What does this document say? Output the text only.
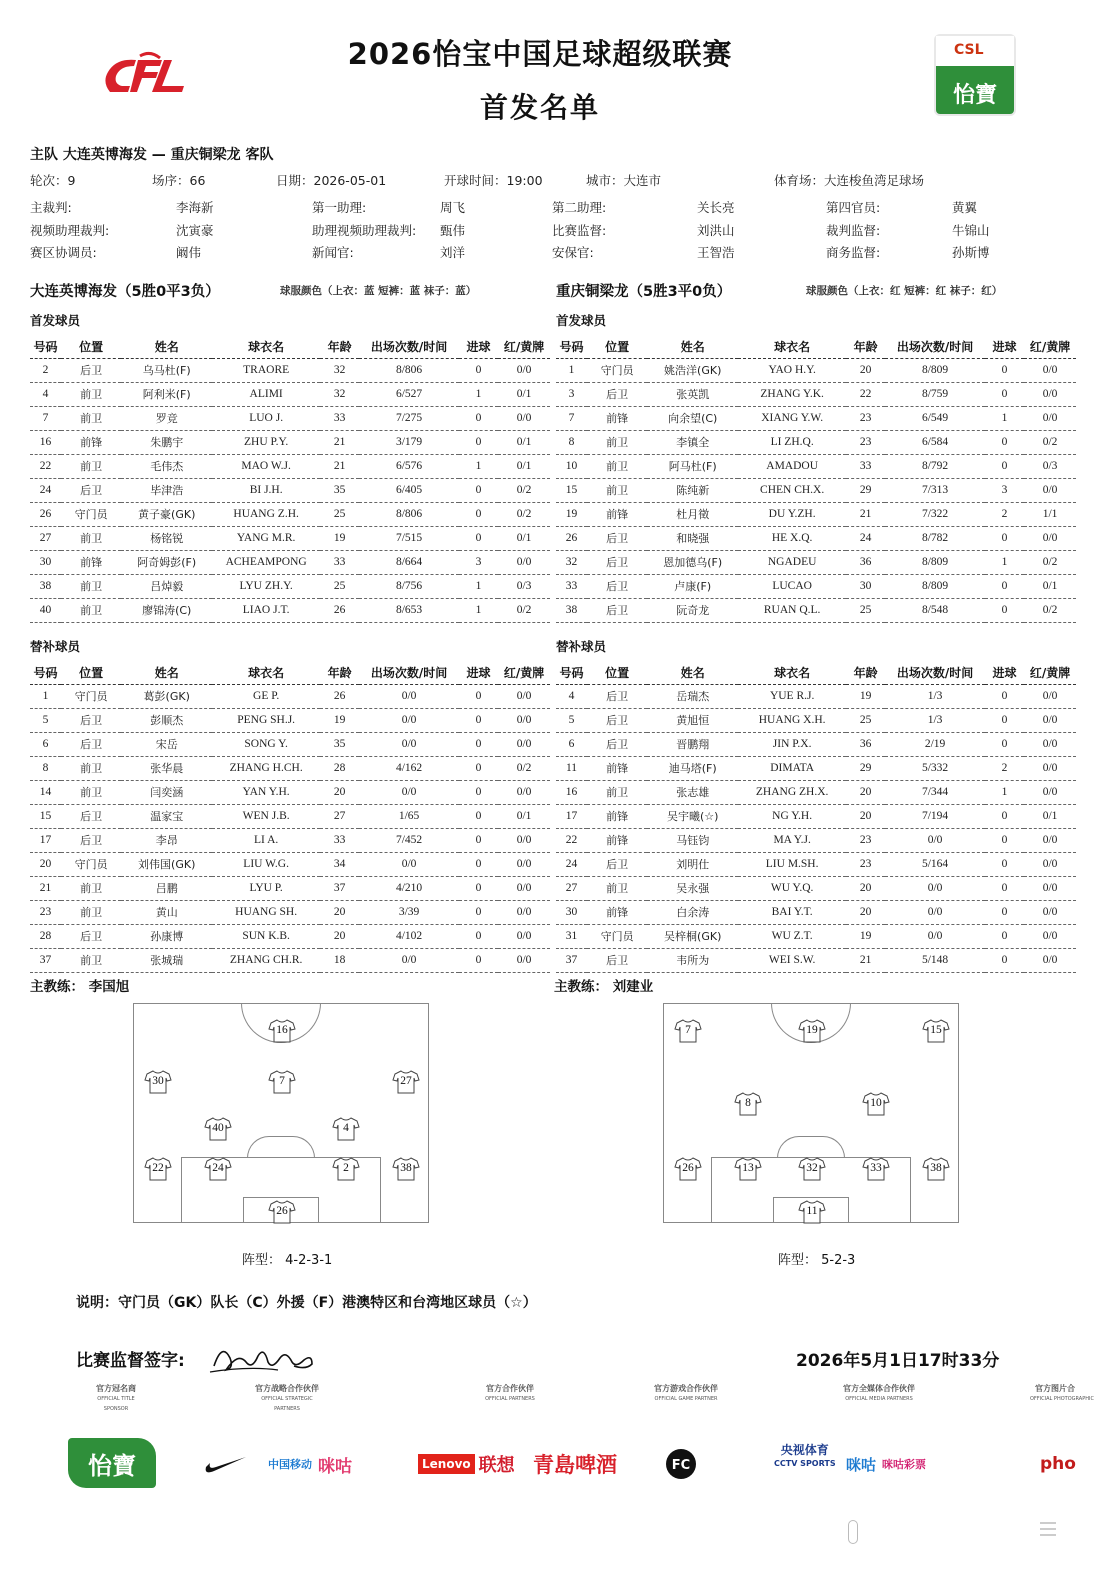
2026怡宝中国足球超级联赛
首发名单
CSL
怡寶
主队 大连英博海发 — 重庆铜梁龙 客队
轮次：9	场序：66	日期：2026-05-01	开球时间：19:00	城市：大连市	体育场：大连梭鱼湾足球场
主裁判:	李海新	第一助理:	周飞	第二助理:	关长亮	第四官员:	黄翼
视频助理裁判:	沈寅豪	助理视频助理裁判: 甄伟	比赛监督:	刘洪山	裁判监督:	牛锦山
赛区协调员:	阚伟	新闻官:	刘洋	安保官:	王智浩	商务监督:	孙斯博
大连英博海发（5胜0平3负）	球服颜色（上衣：蓝 短裤：蓝 袜子：蓝）
首发球员
号码	位置	姓名	球衣名	年龄	出场次数/时间	进球	红/黄牌
2	后卫	乌马杜(F)	TRAORE	32	8/806	0	0/0
4	前卫	阿利米(F)	ALIMI	32	6/527	1	0/1
7	前卫	罗竞	LUO J.	33	7/275	0	0/0
16	前锋	朱鹏宇	ZHU P.Y.	21	3/179	0	0/1
22	前卫	毛伟杰	MAO W.J.	21	6/576	1	0/1
24	后卫	毕津浩	BI J.H.	35	6/405	0	0/2
26	守门员	黄子豪(GK)	HUANG Z.H.	25	8/806	0	0/2
27	前卫	杨铭锐	YANG M.R.	19	7/515	0	0/1
30	前锋	阿奇姆彭(F)	ACHEAMPONG	33	8/664	3	0/0
38	前卫	吕焯毅	LYU ZH.Y.	25	8/756	1	0/3
40	前卫	廖锦涛(C)	LIAO J.T.	26	8/653	1	0/2
替补球员
号码	位置	姓名	球衣名	年龄	出场次数/时间	进球	红/黄牌
1	守门员	葛彭(GK)	GE P.	26	0/0	0	0/0
5	后卫	彭顺杰	PENG SH.J.	19	0/0	0	0/0
6	后卫	宋岳	SONG Y.	35	0/0	0	0/0
8	前卫	张华晨	ZHANG H.CH.	28	4/162	0	0/2
14	前卫	闫奕涵	YAN Y.H.	20	0/0	0	0/0
15	后卫	温家宝	WEN J.B.	27	1/65	0	0/1
17	后卫	李昂	LI A.	33	7/452	0	0/0
20	守门员	刘伟国(GK)	LIU W.G.	34	0/0	0	0/0
21	前卫	吕鹏	LYU P.	37	4/210	0	0/0
23	前卫	黄山	HUANG SH.	20	3/39	0	0/0
28	后卫	孙康博	SUN K.B.	20	4/102	0	0/0
37	前卫	张城瑞	ZHANG CH.R.	18	0/0	0	0/0
重庆铜梁龙（5胜3平0负）	球服颜色（上衣：红 短裤：红 袜子：红）
首发球员
号码	位置	姓名	球衣名	年龄	出场次数/时间	进球	红/黄牌
1	守门员	姚浩洋(GK)	YAO H.Y.	20	8/809	0	0/0
3	后卫	张英凯	ZHANG Y.K.	22	8/759	0	0/0
7	前锋	向余望(C)	XIANG Y.W.	23	6/549	1	0/0
8	前卫	李镇全	LI ZH.Q.	23	6/584	0	0/2
10	前卫	阿马杜(F)	AMADOU	33	8/792	0	0/3
15	前卫	陈纯新	CHEN CH.X.	29	7/313	3	0/0
19	前锋	杜月徵	DU Y.ZH.	21	7/322	2	1/1
26	后卫	和晓强	HE X.Q.	24	8/782	0	0/0
32	后卫	恩加德乌(F)	NGADEU	36	8/809	1	0/2
33	后卫	卢康(F)	LUCAO	30	8/809	0	0/1
38	后卫	阮奇龙	RUAN Q.L.	25	8/548	0	0/2
替补球员
号码	位置	姓名	球衣名	年龄	出场次数/时间	进球	红/黄牌
4	后卫	岳瑞杰	YUE R.J.	19	1/3	0	0/0
5	后卫	黄旭恒	HUANG X.H.	25	1/3	0	0/0
6	后卫	晋鹏翔	JIN P.X.	36	2/19	0	0/0
11	前锋	迪马塔(F)	DIMATA	29	5/332	2	0/0
16	前卫	张志雄	ZHANG ZH.X.	20	7/344	1	0/0
17	前锋	吴宇曦(☆)	NG Y.H.	20	7/194	0	0/1
22	前锋	马钰钧	MA Y.J.	23	0/0	0	0/0
24	后卫	刘明仕	LIU M.SH.	23	5/164	0	0/0
27	前卫	吴永强	WU Y.Q.	20	0/0	0	0/0
30	前锋	白余涛	BAI Y.T.	20	0/0	0	0/0
31	守门员	吴梓桐(GK)	WU Z.T.	19	0/0	0	0/0
37	后卫	韦所为	WEI S.W.	21	5/148	0	0/0
主教练： 李国旭	主教练： 刘建业
16
30	7	27
40	4
22	24	2	38
26
7	19	15
8	10
26	13	32	33	38
11
阵型： 4-2-3-1	阵型： 5-2-3
说明：守门员（GK）队长（C）外援（F）港澳特区和台湾地区球员（☆）
比赛监督签字:	2026年5月1日17时33分
官方冠名商
OFFICIAL TITLE SPONSOR
官方战略合作伙伴
OFFICIAL STRATEGIC PARTNERS
官方合作伙伴
OFFICIAL PARTNERS
官方游戏合作伙伴
OFFICIAL GAME PARTNER
官方全媒体合作伙伴
OFFICIAL MEDIA PARTNERS
官方图片合
OFFICIAL PHOTOGRAPHIC
怡寶	中国移动 咪咕	Lenovo 联想 青島啤酒	FC
央视体育
CCTV SPORTS 咪咕 咪咕彩票	pho
